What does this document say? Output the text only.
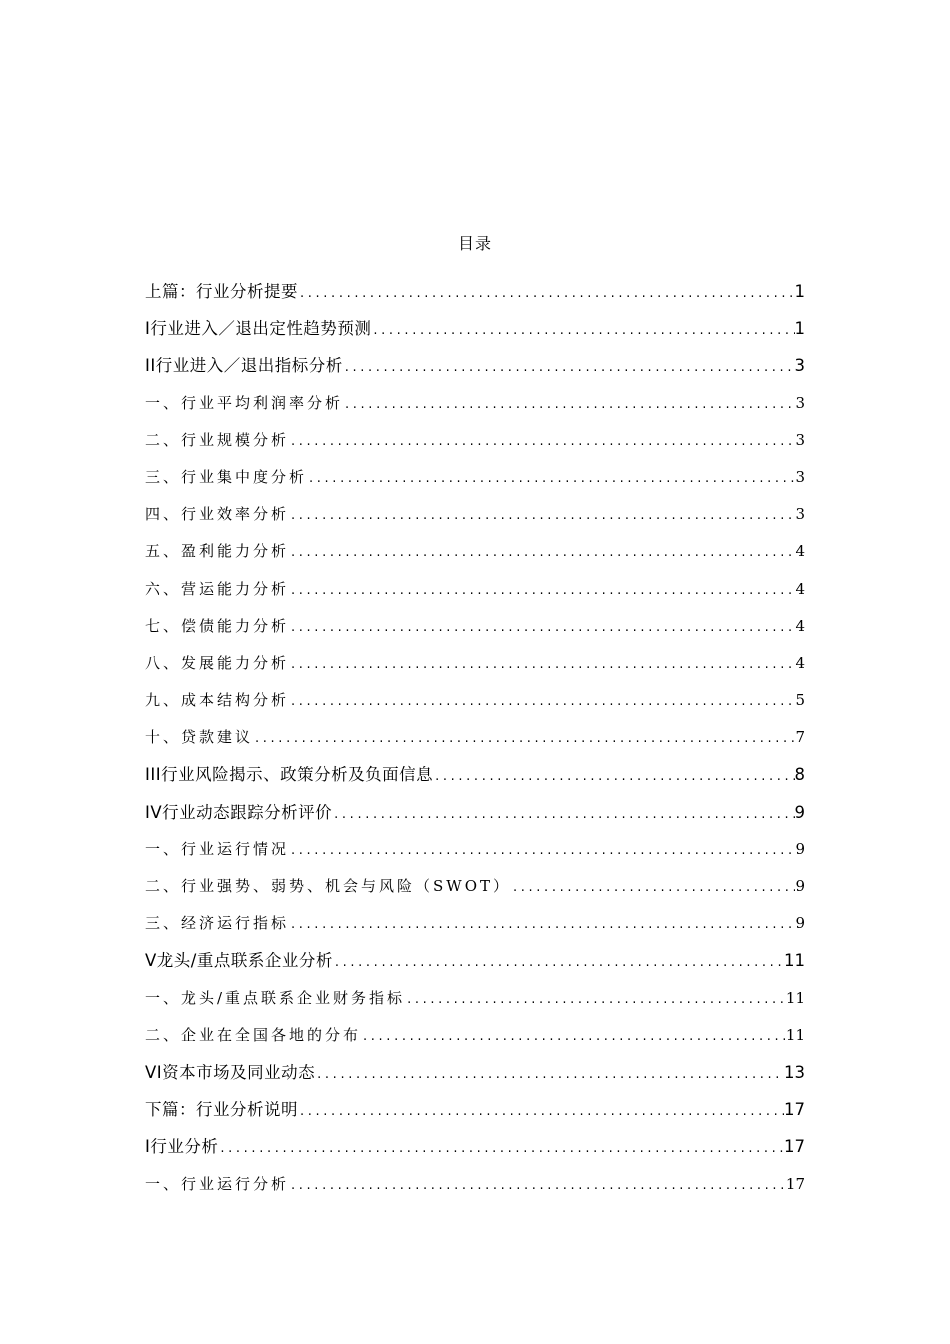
目录
上篇：行业分析提要 . . .	1
I行业进入／退出定性趋势预测 . . .	1
II行业进入／退出指标分析 . . .	3
一、行业平均利润率分析 . . .	3
二、行业规模分析 . . .	3
三、行业集中度分析 . . .	3
四、行业效率分析 . . .	3
五、盈利能力分析 . . .	4
六、营运能力分析 . . .	4
七、偿债能力分析 . . .	4
八、发展能力分析 . . .	4
九、成本结构分析 . . .	5
十、贷款建议 . . .	7
III行业风险揭示、政策分析及负面信息 . . .	8
IV行业动态跟踪分析评价 . . .	9
一、行业运行情况 . . .	9
二、行业强势、弱势、机会与风险（SWOT） . . .	9
三、经济运行指标 . . .	9
V龙头/重点联系企业分析 . . .	11
一、龙头/重点联系企业财务指标 . . .	11
二、企业在全国各地的分布 . . .	11
VI资本市场及同业动态 . . .	13
下篇：行业分析说明 . . .	17
I行业分析 . . .	17
一、行业运行分析 . . .	17
